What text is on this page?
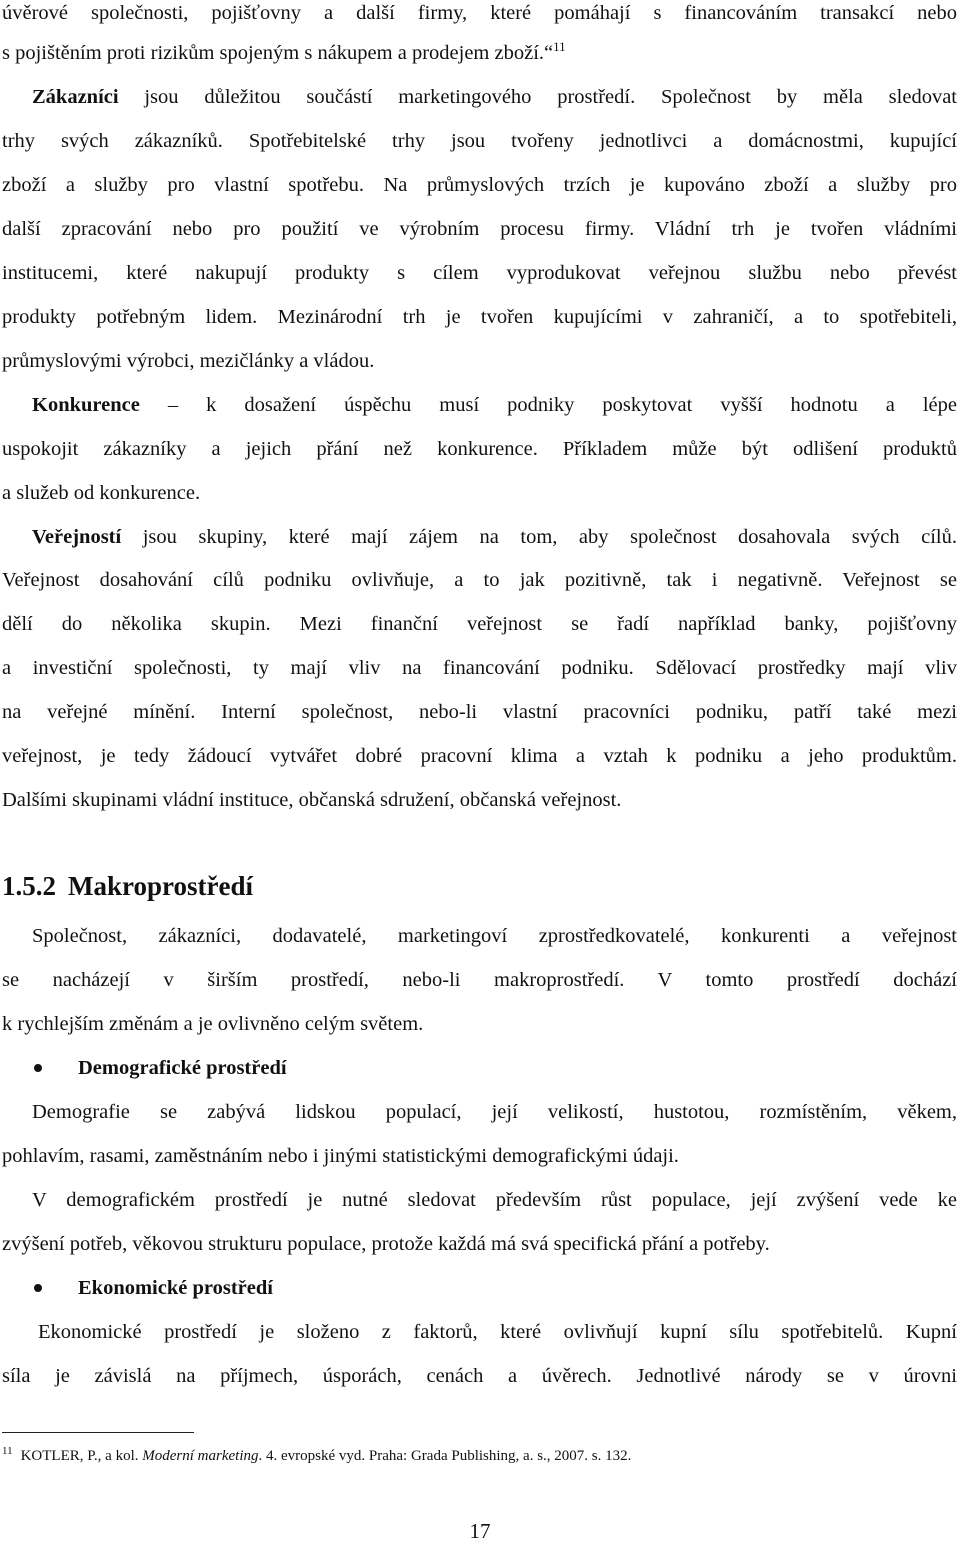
úvěrové společnosti, pojišťovny a další firmy, které pomáhají s financováním transakcí nebo
s pojištěním proti rizikům spojeným s nákupem a prodejem zboží.“$^{11}$
Zákazníci jsou důležitou součástí marketingového prostředí. Společnost by měla sledovat
trhy svých zákazníků. Spotřebitelské trhy jsou tvořeny jednotlivci a domácnostmi, kupující
zboží a služby pro vlastní spotřebu. Na průmyslových trzích je kupováno zboží a služby pro
další zpracování nebo pro použití ve výrobním procesu firmy. Vládní trh je tvořen vládními
institucemi, které nakupují produkty s cílem vyprodukovat veřejnou službu nebo převést
produkty potřebným lidem. Mezinárodní trh je tvořen kupujícími v zahraničí, a to spotřebiteli,
průmyslovými výrobci, mezičlánky a vládou.
Konkurence – k dosažení úspěchu musí podniky poskytovat vyšší hodnotu a lépe
uspokojit zákazníky a jejich přání než konkurence. Příkladem může být odlišení produktů
a služeb od konkurence.
Veřejností jsou skupiny, které mají zájem na tom, aby společnost dosahovala svých cílů.
Veřejnost dosahování cílů podniku ovlivňuje, a to jak pozitivně, tak i negativně. Veřejnost se
dělí do několika skupin. Mezi finanční veřejnost se řadí například banky, pojišťovny
a investiční společnosti, ty mají vliv na financování podniku. Sdělovací prostředky mají vliv
na veřejné mínění. Interní společnost, nebo-li vlastní pracovníci podniku, patří také mezi
veřejnost, je tedy žádoucí vytvářet dobré pracovní klima a vztah k podniku a jeho produktům.
Dalšími skupinami vládní instituce, občanská sdružení, občanská veřejnost.
1.5.2 Makroprostředí
Společnost, zákazníci, dodavatelé, marketingoví zprostředkovatelé, konkurenti a veřejnost
se nacházejí v širším prostředí, nebo-li makroprostředí. V tomto prostředí dochází
k rychlejším změnám a je ovlivněno celým světem.
Demografické prostředí
Demografie se zabývá lidskou populací, její velikostí, hustotou, rozmístěním, věkem,
pohlavím, rasami, zaměstnáním nebo i jinými statistickými demografickými údaji.
V demografickém prostředí je nutné sledovat především růst populace, její zvýšení vede ke
zvýšení potřeb, věkovou strukturu populace, protože každá má svá specifická přání a potřeby.
Ekonomické prostředí
Ekonomické prostředí je složeno z faktorů, které ovlivňují kupní sílu spotřebitelů. Kupní
síla je závislá na příjmech, úsporách, cenách a úvěrech. Jednotlivé národy se v úrovni
$^{11}$ KOTLER, P., a kol. Moderní marketing. 4. evropské vyd. Praha: Grada Publishing, a. s., 2007. s. 132.
17
